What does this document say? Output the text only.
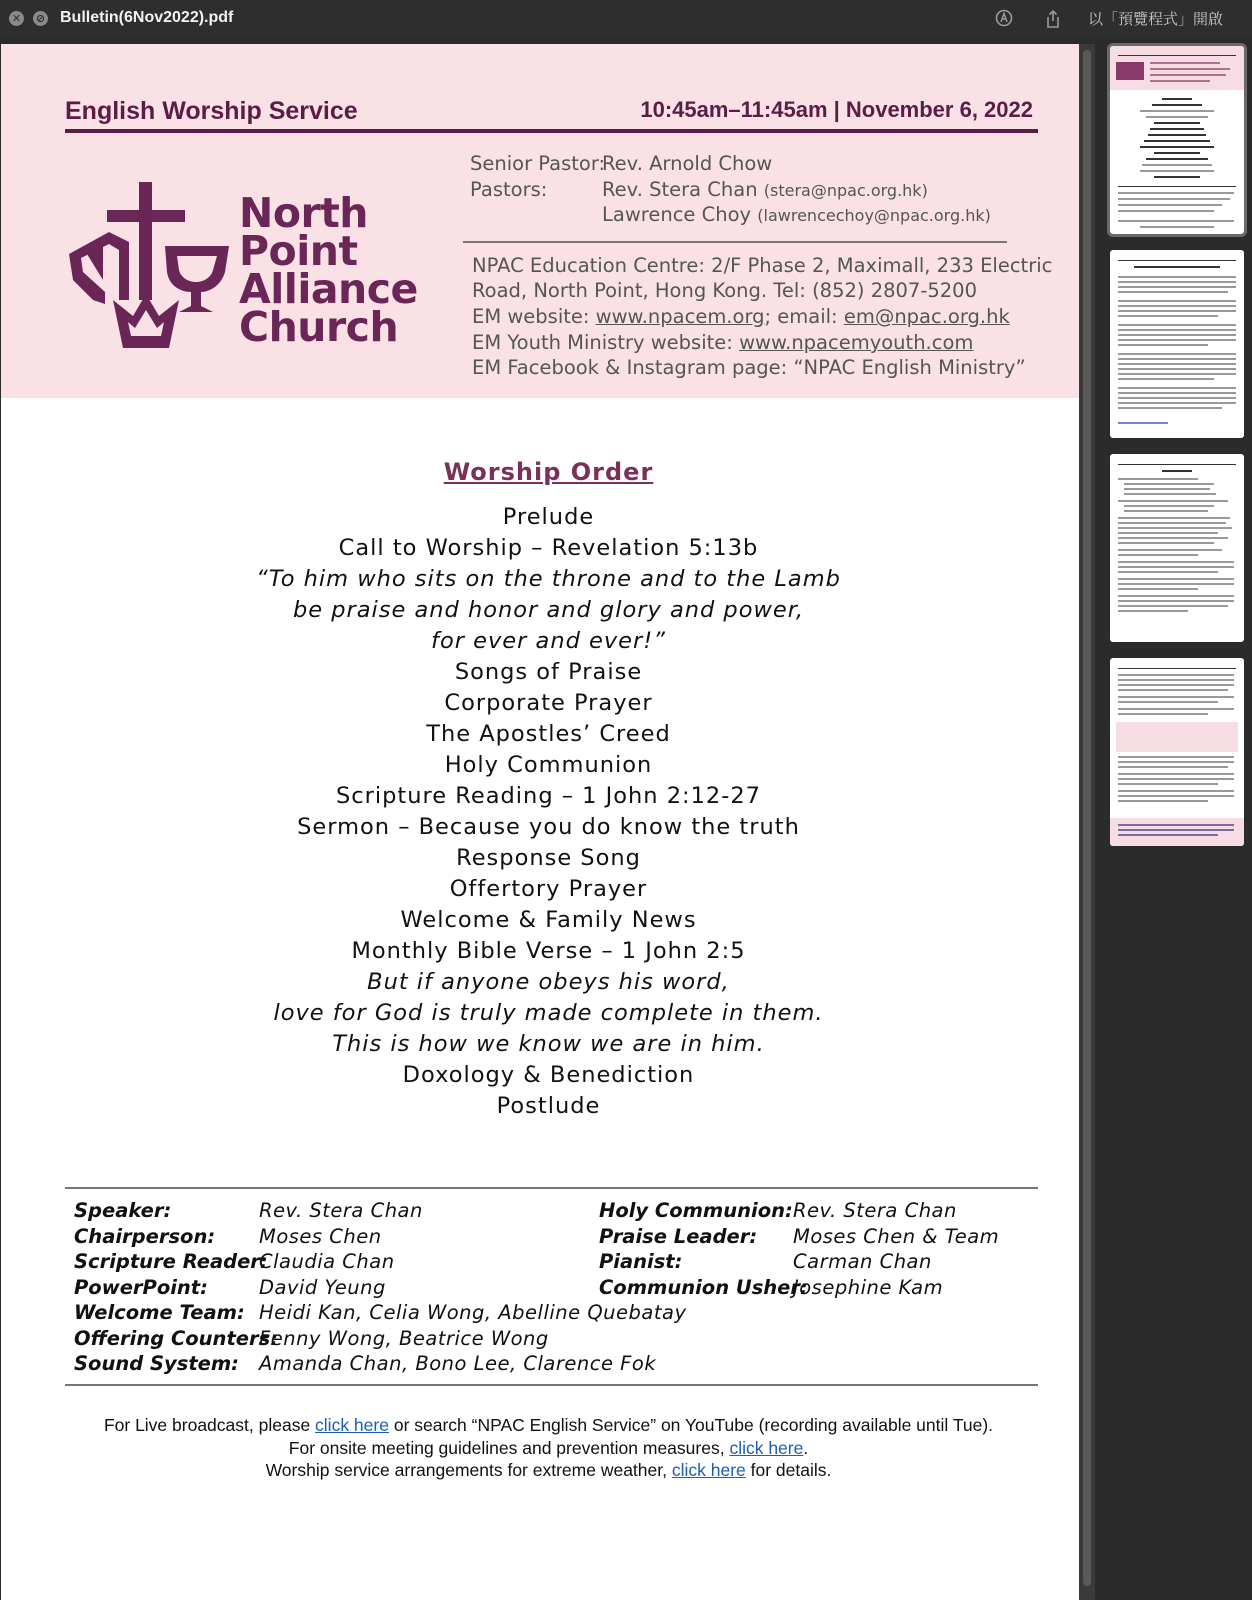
✕ ⊘ Bulletin(6Nov2022).pdf	以「預覽程式」開啟
English Worship Service	10:45am–11:45am | November 6, 2022
North
Point
Alliance
Church
Senior Pastor:
Rev. Arnold Chow
Pastors:	Rev. Stera Chan (stera@npac.org.hk)
Lawrence Choy (lawrencechoy@npac.org.hk)
NPAC Education Centre: 2/F Phase 2, Maximall, 233 Electric
Road, North Point, Hong Kong. Tel: (852) 2807-5200
EM website: www.npacem.org; email: em@npac.org.hk
EM Youth Ministry website: www.npacemyouth.com
EM Facebook & Instagram page: “NPAC English Ministry”
Worship Order
Prelude
Call to Worship – Revelation 5:13b
“To him who sits on the throne and to the Lamb
be praise and honor and glory and power,
for ever and ever!”
Songs of Praise
Corporate Prayer
The Apostles’ Creed
Holy Communion
Scripture Reading – 1 John 2:12-27
Sermon – Because you do know the truth
Response Song
Offertory Prayer
Welcome & Family News
Monthly Bible Verse – 1 John 2:5
But if anyone obeys his word,
love for God is truly made complete in them.
This is how we know we are in him.
Doxology & Benediction
Postlude
Speaker:	Rev. Stera Chan
Chairperson: Moses Chen
Scripture Reader:
Claudia Chan
PowerPoint:	David Yeung
Welcome Team: Heidi Kan, Celia Wong, Abelline Quebatay
Offering Counters:
Fenny Wong, Beatrice Wong
Sound System: Amanda Chan, Bono Lee, Clarence Fok
Holy Communion: Rev. Stera Chan
Praise Leader: Moses Chen & Team
Pianist:	Carman Chan
Communion Usher:
Josephine Kam
For Live broadcast, please click here or search “NPAC English Service” on YouTube (recording available until Tue).
For onsite meeting guidelines and prevention measures, click here.
Worship service arrangements for extreme weather, click here for details.
